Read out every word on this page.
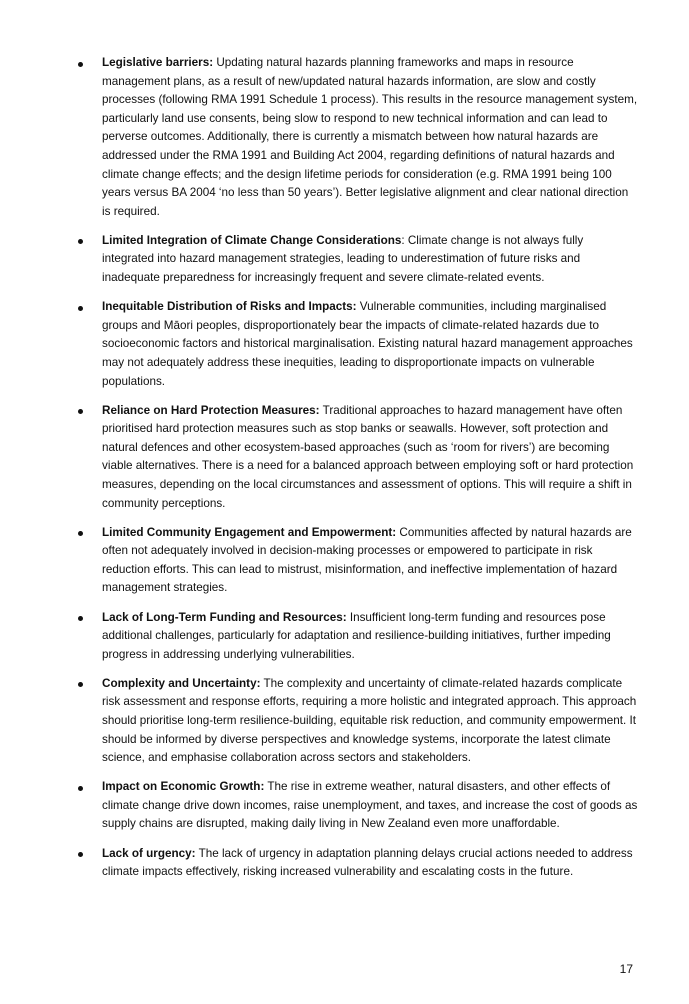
Legislative barriers: Updating natural hazards planning frameworks and maps in resource management plans, as a result of new/updated natural hazards information, are slow and costly processes (following RMA 1991 Schedule 1 process). This results in the resource management system, particularly land use consents, being slow to respond to new technical information and can lead to perverse outcomes. Additionally, there is currently a mismatch between how natural hazards are addressed under the RMA 1991 and Building Act 2004, regarding definitions of natural hazards and climate change effects; and the design lifetime periods for consideration (e.g. RMA 1991 being 100 years versus BA 2004 ‘no less than 50 years’). Better legislative alignment and clear national direction is required.
Limited Integration of Climate Change Considerations: Climate change is not always fully integrated into hazard management strategies, leading to underestimation of future risks and inadequate preparedness for increasingly frequent and severe climate-related events.
Inequitable Distribution of Risks and Impacts: Vulnerable communities, including marginalised groups and Māori peoples, disproportionately bear the impacts of climate-related hazards due to socioeconomic factors and historical marginalisation. Existing natural hazard management approaches may not adequately address these inequities, leading to disproportionate impacts on vulnerable populations.
Reliance on Hard Protection Measures: Traditional approaches to hazard management have often prioritised hard protection measures such as stop banks or seawalls. However, soft protection and natural defences and other ecosystem-based approaches (such as ‘room for rivers’) are becoming viable alternatives. There is a need for a balanced approach between employing soft or hard protection measures, depending on the local circumstances and assessment of options. This will require a shift in community perceptions.
Limited Community Engagement and Empowerment: Communities affected by natural hazards are often not adequately involved in decision-making processes or empowered to participate in risk reduction efforts. This can lead to mistrust, misinformation, and ineffective implementation of hazard management strategies.
Lack of Long-Term Funding and Resources: Insufficient long-term funding and resources pose additional challenges, particularly for adaptation and resilience-building initiatives, further impeding progress in addressing underlying vulnerabilities.
Complexity and Uncertainty: The complexity and uncertainty of climate-related hazards complicate risk assessment and response efforts, requiring a more holistic and integrated approach. This approach should prioritise long-term resilience-building, equitable risk reduction, and community empowerment. It should be informed by diverse perspectives and knowledge systems, incorporate the latest climate science, and emphasise collaboration across sectors and stakeholders.
Impact on Economic Growth: The rise in extreme weather, natural disasters, and other effects of climate change drive down incomes, raise unemployment, and taxes, and increase the cost of goods as supply chains are disrupted, making daily living in New Zealand even more unaffordable.
Lack of urgency: The lack of urgency in adaptation planning delays crucial actions needed to address climate impacts effectively, risking increased vulnerability and escalating costs in the future.
17
